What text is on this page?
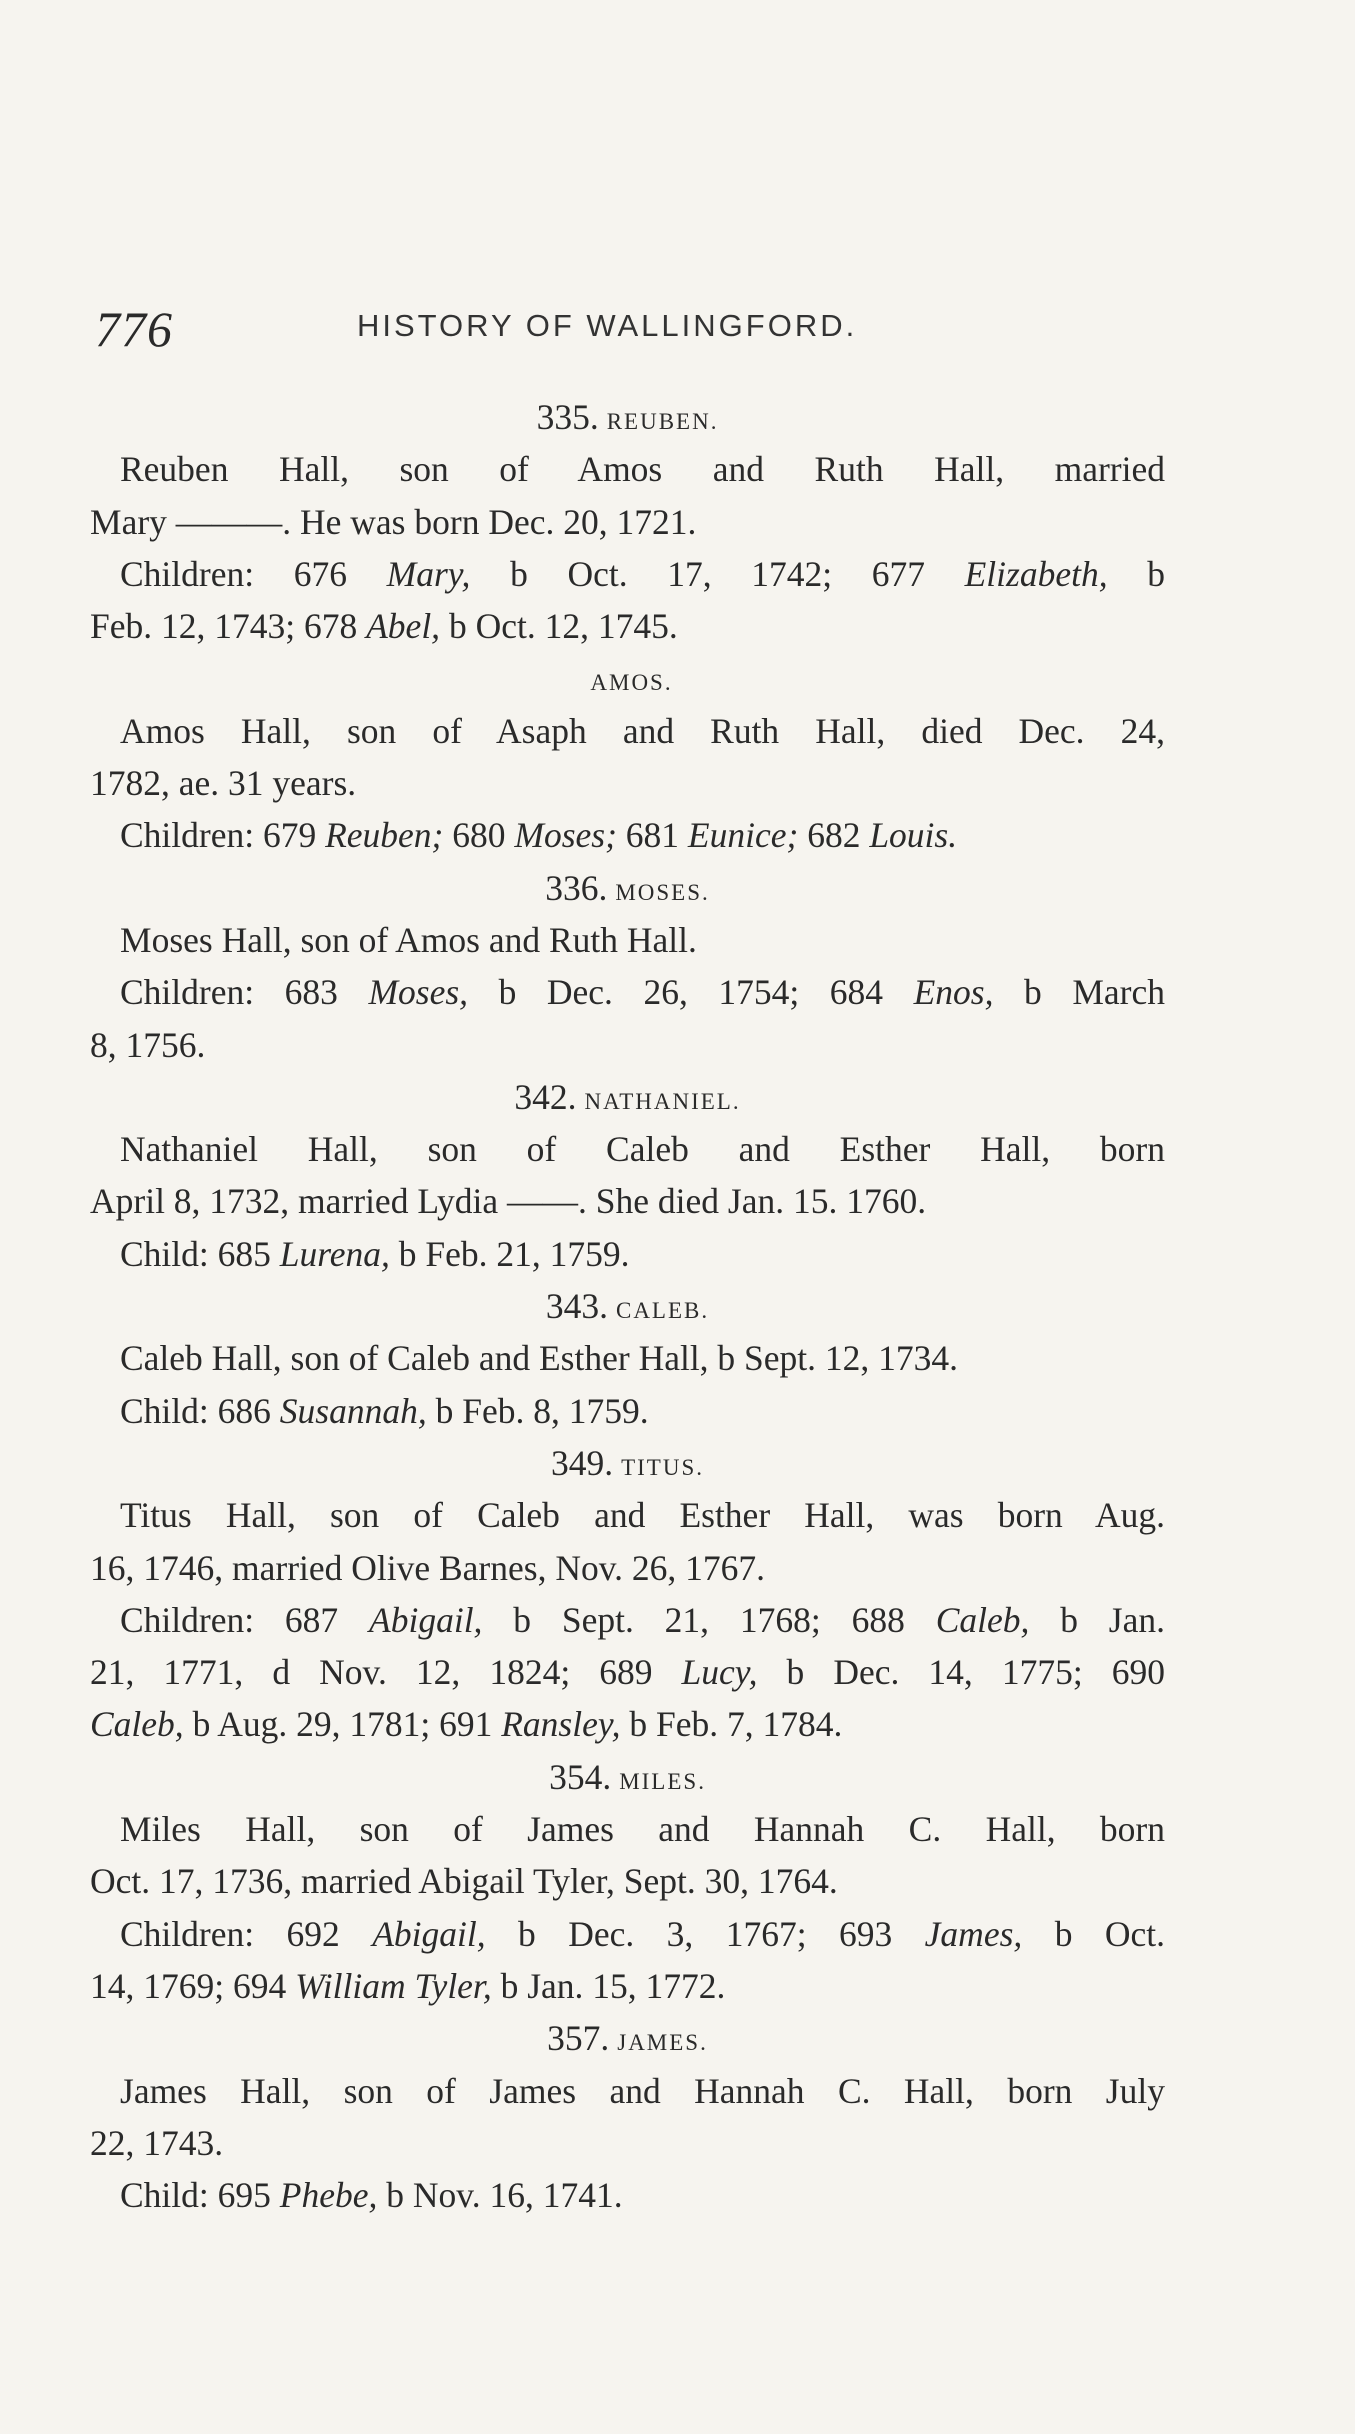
776	HISTORY OF WALLINGFORD.
335. REUBEN.
Reuben Hall, son of Amos and Ruth Hall, married
Mary ———. He was born Dec. 20, 1721.
Children: 676 Mary, b Oct. 17, 1742; 677 Elizabeth, b
Feb. 12, 1743; 678 Abel, b Oct. 12, 1745.
AMOS.
Amos Hall, son of Asaph and Ruth Hall, died Dec. 24,
1782, ae. 31 years.
Children: 679 Reuben; 680 Moses; 681 Eunice; 682 Louis.
336. MOSES.
Moses Hall, son of Amos and Ruth Hall.
Children: 683 Moses, b Dec. 26, 1754; 684 Enos, b March
8, 1756.
342. NATHANIEL.
Nathaniel Hall, son of Caleb and Esther Hall, born
April 8, 1732, married Lydia ——. She died Jan. 15. 1760.
Child: 685 Lurena, b Feb. 21, 1759.
343. CALEB.
Caleb Hall, son of Caleb and Esther Hall, b Sept. 12, 1734.
Child: 686 Susannah, b Feb. 8, 1759.
349. TITUS.
Titus Hall, son of Caleb and Esther Hall, was born Aug.
16, 1746, married Olive Barnes, Nov. 26, 1767.
Children: 687 Abigail, b Sept. 21, 1768; 688 Caleb, b Jan.
21, 1771, d Nov. 12, 1824; 689 Lucy, b Dec. 14, 1775; 690
Caleb, b Aug. 29, 1781; 691 Ransley, b Feb. 7, 1784.
354. MILES.
Miles Hall, son of James and Hannah C. Hall, born
Oct. 17, 1736, married Abigail Tyler, Sept. 30, 1764.
Children: 692 Abigail, b Dec. 3, 1767; 693 James, b Oct.
14, 1769; 694 William Tyler, b Jan. 15, 1772.
357. JAMES.
James Hall, son of James and Hannah C. Hall, born July
22, 1743.
Child: 695 Phebe, b Nov. 16, 1741.
